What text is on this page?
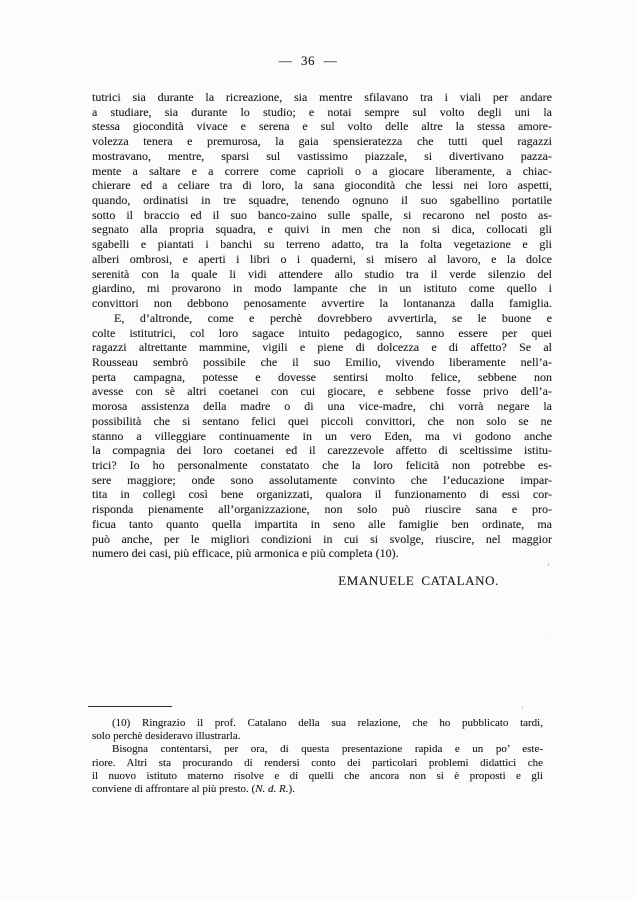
— 36 —
tutrici sia durante la ricreazione, sia mentre sfilavano tra i viali per andare
a studiare, sia durante lo studio; e notai sempre sul volto degli uni la
stessa giocondità vivace e serena e sul volto delle altre la stessa amore-
volezza tenera e premurosa, la gaia spensieratezza che tutti quel ragazzi
mostravano, mentre, sparsi sul vastissimo piazzale, si divertivano pazza-
mente a saltare e a correre come caprioli o a giocare liberamente, a chiac-
chierare ed a celiare tra di loro, la sana giocondità che lessi nei loro aspetti,
quando, ordinatisi in tre squadre, tenendo ognuno il suo sgabellino portatile
sotto il braccio ed il suo banco-zaino sulle spalle, si recarono nel posto as-
segnato alla propria squadra, e quivi in men che non si dica, collocati gli
sgabelli e piantati i banchi su terreno adatto, tra la folta vegetazione e gli
alberi ombrosi, e aperti i libri o i quaderni, si misero al lavoro, e la dolce
serenità con la quale li vidi attendere allo studio tra il verde silenzio del
giardino, mi provarono in modo lampante che in un istituto come quello i
convittori non debbono penosamente avvertire la lontananza dalla famiglia.
E, d’altronde, come e perchè dovrebbero avvertirla, se le buone e
colte istitutrici, col loro sagace intuito pedagogico, sanno essere per quei
ragazzi altrettante mammine, vigili e piene di dolcezza e di affetto? Se al
Rousseau sembrò possibile che il suo Emilio, vivendo liberamente nell’a-
perta campagna, potesse e dovesse sentirsi molto felice, sebbene non
avesse con sè altri coetanei con cui giocare, e sebbene fosse privo dell’a-
morosa assistenza della madre o di una vice-madre, chi vorrà negare la
possibilità che si sentano felici quei piccoli convittori, che non solo se ne
stanno a villeggiare continuamente in un vero Eden, ma vi godono anche
la compagnia dei loro coetanei ed il carezzevole affetto di sceltissime istitu-
trici? Io ho personalmente constatato che la loro felicità non potrebbe es-
sere maggiore; onde sono assolutamente convinto che l’educazione impar-
tita in collegi così bene organizzati, qualora il funzionamento di essi cor-
risponda pienamente all’organizzazione, non solo può riuscire sana e pro-
ficua tanto quanto quella impartita in seno alle famiglie ben ordinate, ma
può anche, per le migliori condizioni in cui si svolge, riuscire, nel maggior
numero dei casi, più efficace, più armonica e più completa (10).
EMANUELE CATALANO.
(10) Ringrazio il prof. Catalano della sua relazione, che ho pubblicato tardi,
solo perchè desideravo illustrarla.
Bisogna contentarsi, per ora, di questa presentazione rapida e un po’ este-
riore. Altri sta procurando di rendersi conto dei particolari problemi didattici che
il nuovo istituto materno risolve e di quelli che ancora non si è proposti e gli
conviene di affrontare al più presto. (N. d. R.).
’
’
·
